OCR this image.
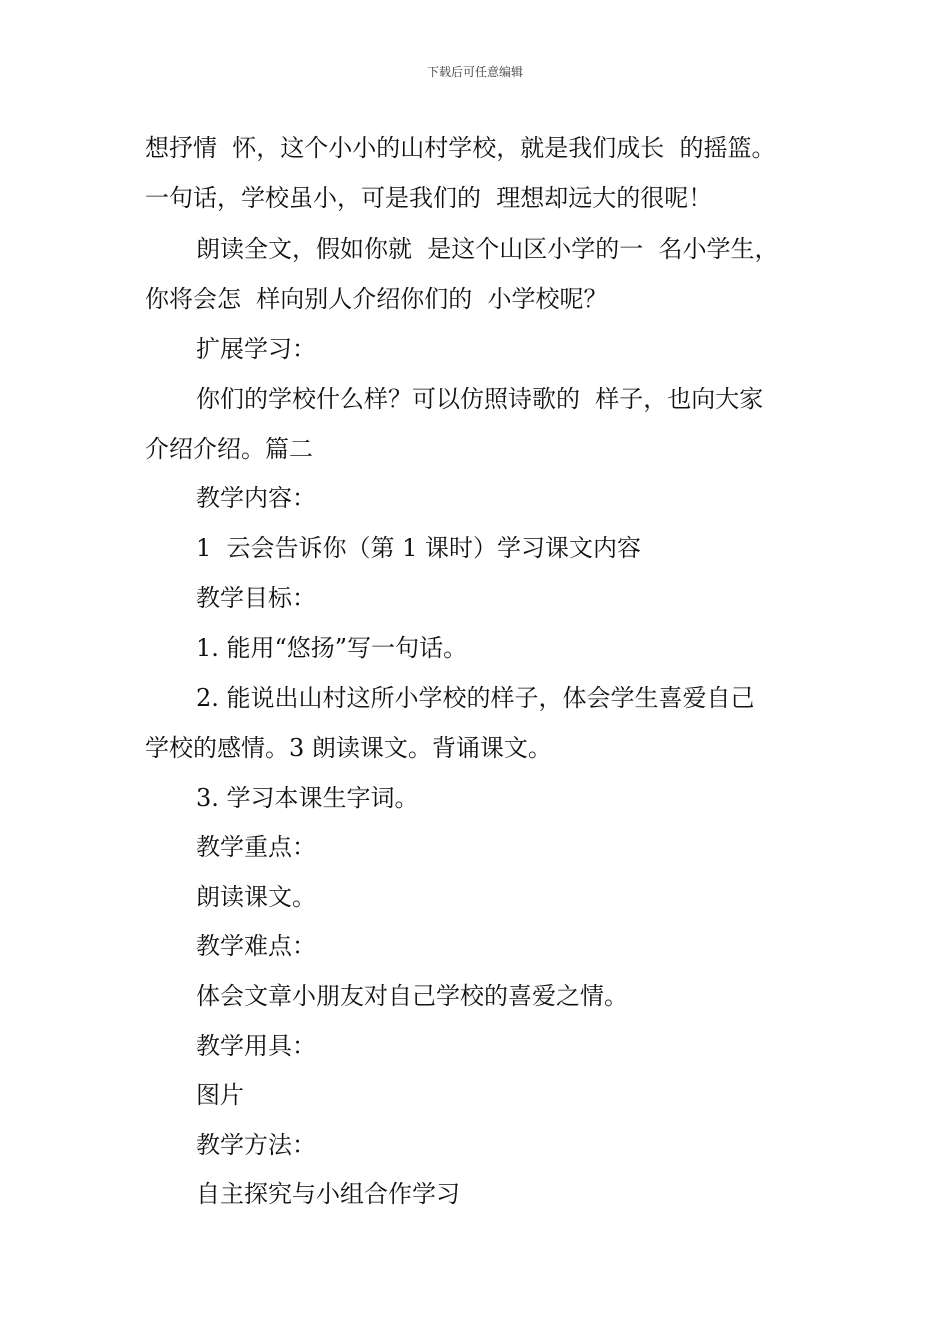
下载后可任意编辑
想抒情  怀，这个小小的山村学校，就是我们成长  的摇篮。
一句话，学校虽小，可是我们的  理想却远大的很呢！
朗读全文，假如你就  是这个山区小学的一  名小学生，
你将会怎  样向别人介绍你们的  小学校呢？
扩展学习：
你们的学校什么样？可以仿照诗歌的  样子，也向大家
介绍介绍。篇二
教学内容：
1  云会告诉你（第 1 课时）学习课文内容
教学目标：
1. 能用“悠扬”写一句话。
2. 能说出山村这所小学校的样子，体会学生喜爱自己
学校的感情。3 朗读课文。背诵课文。
3. 学习本课生字词。
教学重点：
朗读课文。
教学难点：
体会文章小朋友对自己学校的喜爱之情。
教学用具：
图片
教学方法：
自主探究与小组合作学习
